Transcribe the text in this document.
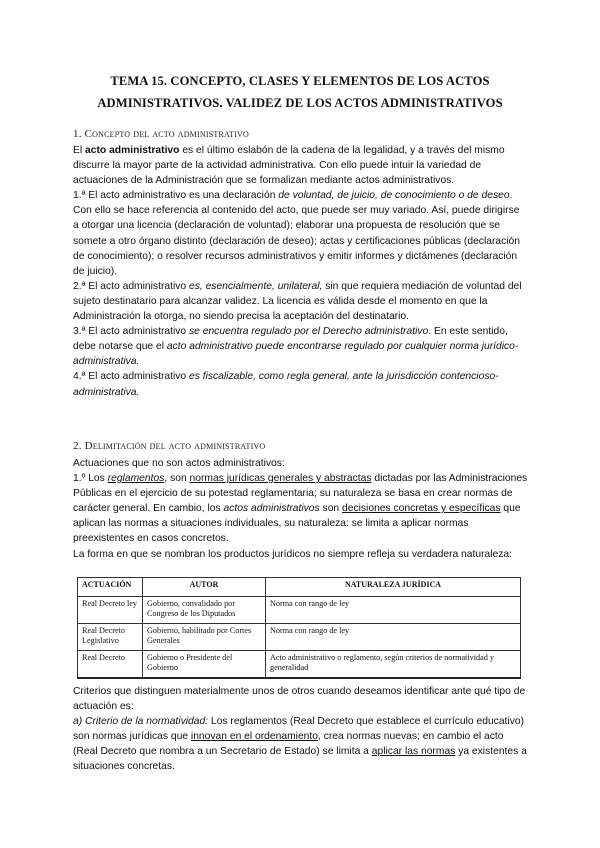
TEMA 15. CONCEPTO, CLASES Y ELEMENTOS DE LOS ACTOS
ADMINISTRATIVOS. VALIDEZ DE LOS ACTOS ADMINISTRATIVOS
1. Concepto del acto administrativo

El acto administrativo es el último eslabón de la cadena de la legalidad, y a través del mismo discurre la mayor parte de la actividad administrativa. Con ello puede intuir la variedad de actuaciones de la Administración que se formalizan mediante actos administrativos.

1.ª El acto administrativo es una declaración de voluntad, de juicio, de conocimiento o de deseo. Con ello se hace referencia al contenido del acto, que puede ser muy variado. Así, puede dirigirse a otorgar una licencia (declaración de voluntad); elaborar una propuesta de resolución que se somete a otro órgano distinto (declaración de deseo); actas y certificaciones públicas (declaración de conocimiento); o resolver recursos administrativos y emitir informes y dictámenes (declaración de juicio).

2.ª El acto administrativo es, esencialmente, unilateral, sin que requiera mediación de voluntad del sujeto destinatario para alcanzar validez. La licencia es válida desde el momento en que la Administración la otorga, no siendo precisa la aceptación del destinatario.

3.ª El acto administrativo se encuentra regulado por el Derecho administrativo. En este sentido, debe notarse que el acto administrativo puede encontrarse regulado por cualquier norma jurídico-administrativa.

4.ª El acto administrativo es fiscalizable, como regla general, ante la jurisdicción contencioso-administrativa.

2. Delimitación del acto administrativo

Actuaciones que no son actos administrativos:

1.º Los reglamentos, son normas jurídicas generales y abstractas dictadas por las Administraciones Públicas en el ejercicio de su potestad reglamentaria; su naturaleza se basa en crear normas de carácter general. En cambio, los actos administrativos son decisiones concretas y específicas que aplican las normas a situaciones individuales, su naturaleza: se limita a aplicar normas preexistentes en casos concretos.

La forma en que se nombran los productos jurídicos no siempre refleja su verdadera naturaleza:

ACTUACIÓN	AUTOR	NATURALEZA JURÍDICA
Real Decreto ley	Gobierno, convalidado por Congreso de los Diputados	Norma con rango de ley
Real Decreto Legislativo	Gobierno, habilitado por Cortes Generales	Norma con rango de ley
Real Decreto	Gobierno o Presidente del Gobierno	Acto administrativo o reglamento, según criterios de normatividad y generalidad

Criterios que distinguen materialmente unos de otros cuando deseamos identificar ante qué tipo de actuación es:

a) Criterio de la normatividad: Los reglamentos (Real Decreto que establece el currículo educativo) son normas jurídicas que innovan en el ordenamiento, crea normas nuevas; en cambio el acto (Real Decreto que nombra a un Secretario de Estado) se limita a aplicar las normas ya existentes a situaciones concretas.
